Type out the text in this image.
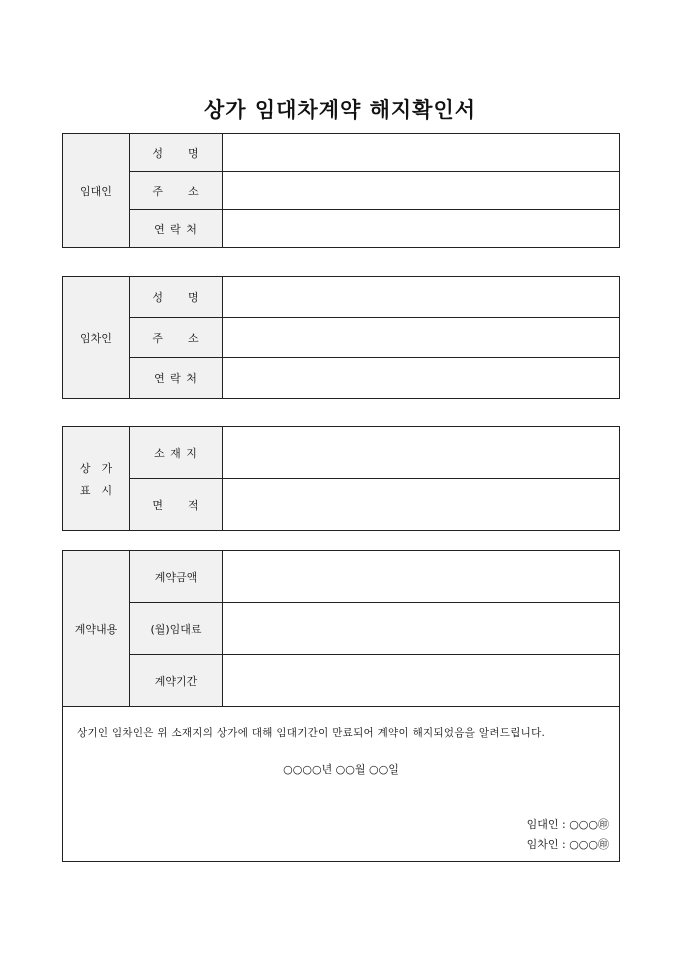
상가 임대차계약 해지확인서
임대인	성　　명	
	주　　소	
	연 락 처	
임차인	성　　명	
	주　　소	
	연 락 처	
상　가
표　시	소 재 지	
	면　　적	
계약내용	계약금액	
	(월)임대료	
	계약기간	

상기인 임차인은 위 소재지의 상가에 대해 임대기간이 만료되어 계약이 해지되었음을 알려드립니다.
○○○○년 ○○월 ○○일
임대인 : ○○○㊞
임차인 : ○○○㊞		
